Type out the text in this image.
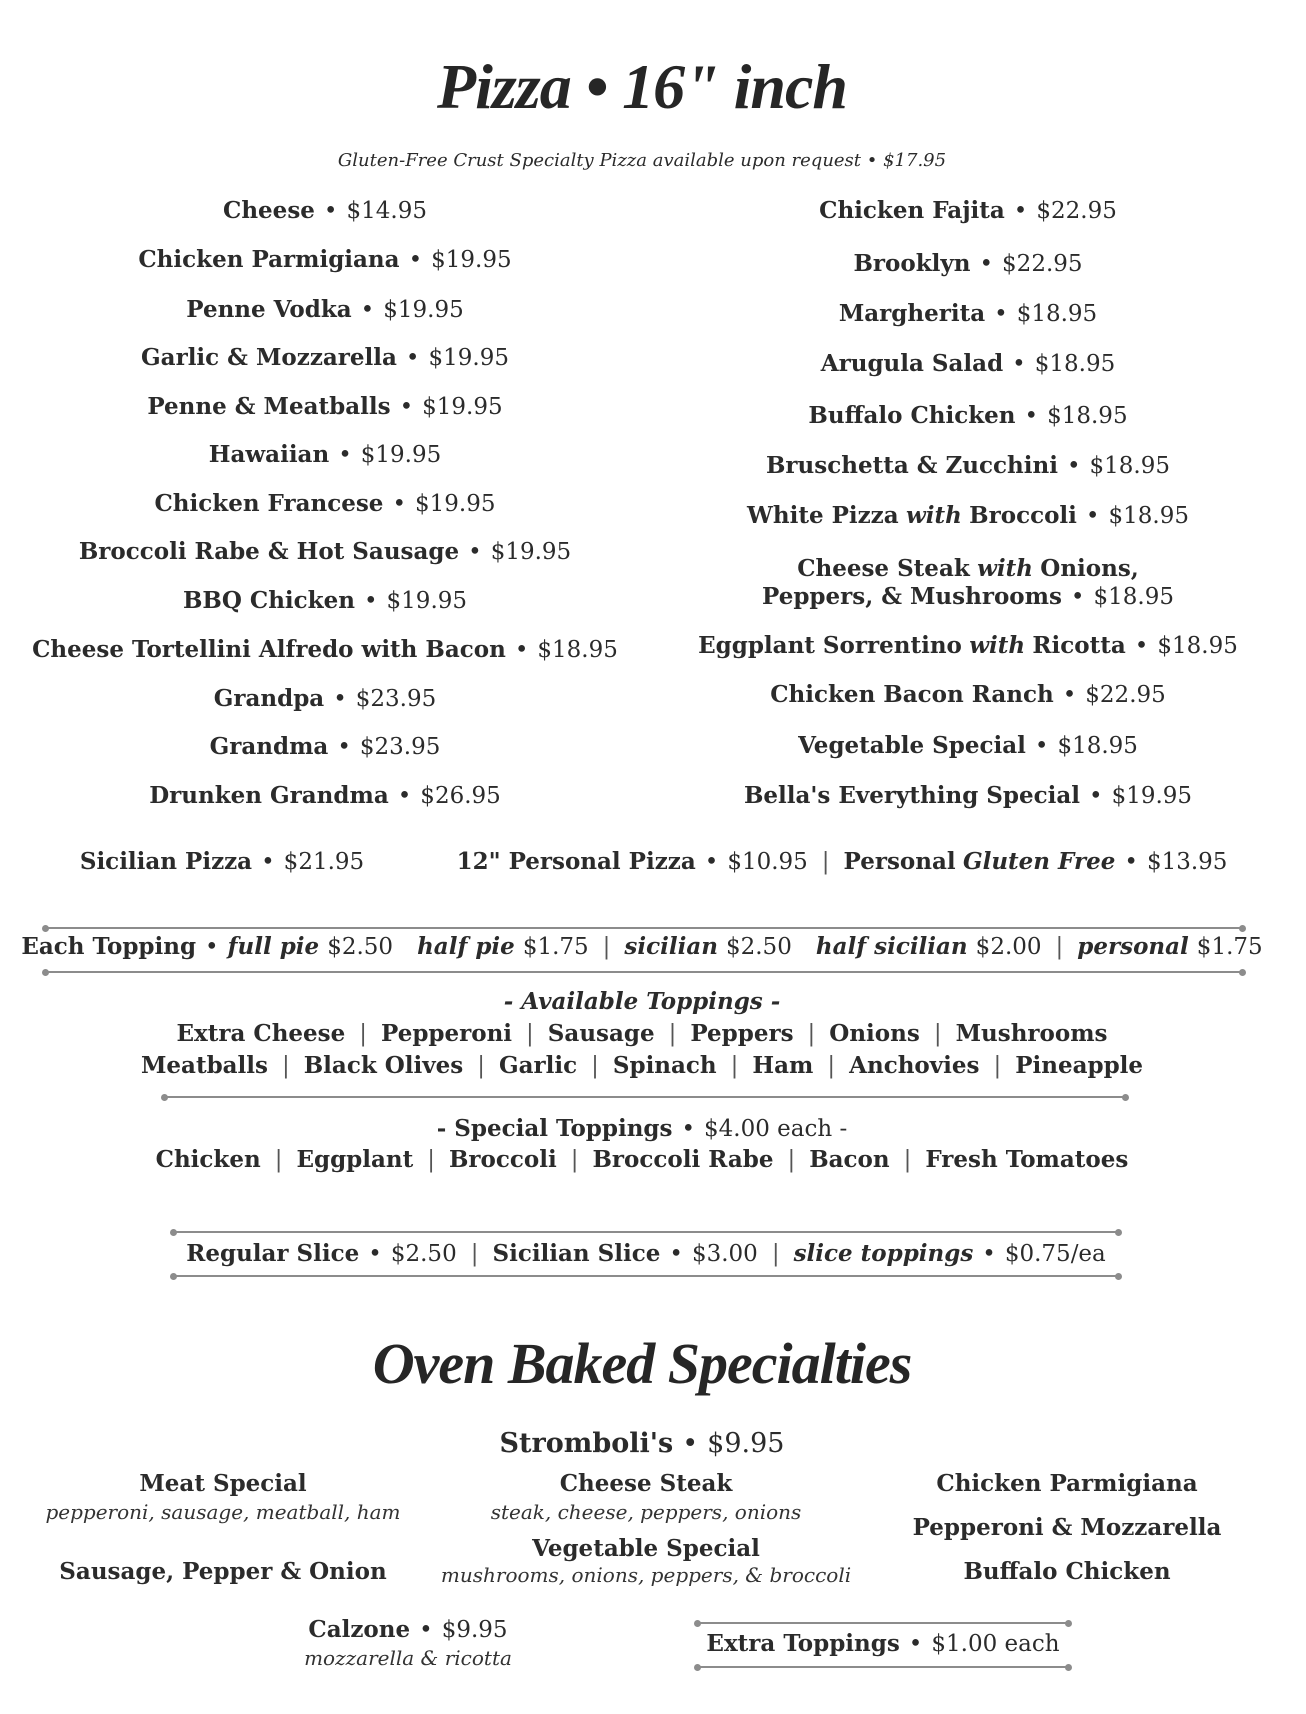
Pizza • 16" inch
Gluten-Free Crust Specialty Pizza available upon request • $17.95
Cheese • $14.95
Chicken Parmigiana • $19.95
Penne Vodka • $19.95
Garlic & Mozzarella • $19.95
Penne & Meatballs • $19.95
Hawaiian • $19.95
Chicken Francese • $19.95
Broccoli Rabe & Hot Sausage • $19.95
BBQ Chicken • $19.95
Cheese Tortellini Alfredo with Bacon • $18.95
Grandpa • $23.95
Grandma • $23.95
Drunken Grandma • $26.95
Chicken Fajita • $22.95
Brooklyn • $22.95
Margherita • $18.95
Arugula Salad • $18.95
Buffalo Chicken • $18.95
Bruschetta & Zucchini • $18.95
White Pizza with Broccoli • $18.95
Cheese Steak with Onions,
Peppers, & Mushrooms • $18.95
Eggplant Sorrentino with Ricotta • $18.95
Chicken Bacon Ranch • $22.95
Vegetable Special • $18.95
Bella's Everything Special • $19.95
Sicilian Pizza • $21.95	12" Personal Pizza • $10.95 | Personal Gluten Free • $13.95
Each Topping • full pie $2.50 half pie $1.75 | sicilian $2.50 half sicilian $2.00 | personal $1.75
- Available Toppings -
Extra Cheese | Pepperoni | Sausage | Peppers | Onions | Mushrooms
Meatballs | Black Olives | Garlic | Spinach | Ham | Anchovies | Pineapple
- Special Toppings • $4.00 each -
Chicken | Eggplant | Broccoli | Broccoli Rabe | Bacon | Fresh Tomatoes
Regular Slice • $2.50 | Sicilian Slice • $3.00 | slice toppings • $0.75/ea
Oven Baked Specialties
Stromboli's • $9.95
Meat Special
pepperoni, sausage, meatball, ham
Sausage, Pepper & Onion
Cheese Steak
steak, cheese, peppers, onions
Vegetable Special
mushrooms, onions, peppers, & broccoli
Chicken Parmigiana
Pepperoni & Mozzarella
Buffalo Chicken
Calzone • $9.95
mozzarella & ricotta
Extra Toppings • $1.00 each
